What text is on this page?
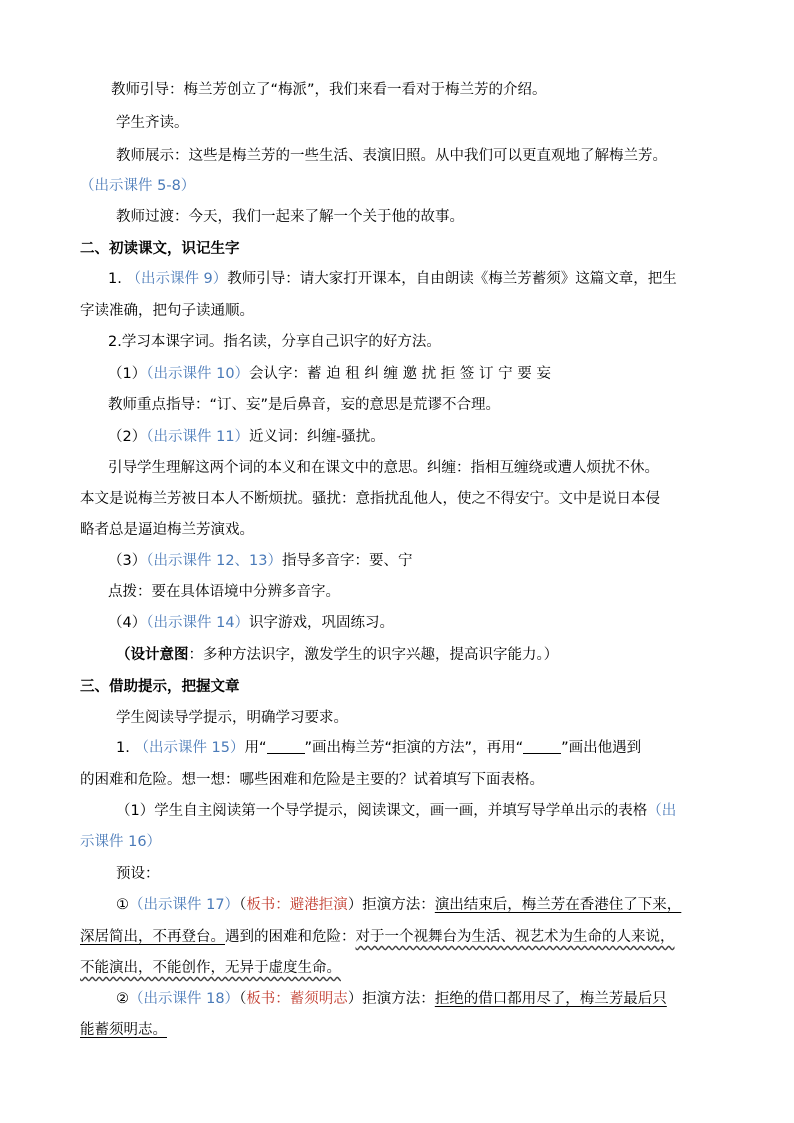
教师引导：梅兰芳创立了“梅派”，我们来看一看对于梅兰芳的介绍。

学生齐读。

教师展示：这些是梅兰芳的一些生活、表演旧照。从中我们可以更直观地了解梅兰芳。

（出示课件 5-8）

教师过渡：今天，我们一起来了解一个关于他的故事。

二、初读课文，识记生字

1. （出示课件 9）教师引导：请大家打开课本，自由朗读《梅兰芳蓄须》这篇文章，把生

字读准确，把句子读通顺。

2.学习本课字词。指名读，分享自己识字的好方法。

（1）（出示课件 10）会认字：蓄 迫 租 纠 缠 邀 扰 拒 签 订 宁 要 妄

教师重点指导：“订、妄”是后鼻音，妄的意思是荒谬不合理。

（2）（出示课件 11）近义词：纠缠-骚扰。

引导学生理解这两个词的本义和在课文中的意思。纠缠：指相互缠绕或遭人烦扰不休。

本文是说梅兰芳被日本人不断烦扰。骚扰：意指扰乱他人，使之不得安宁。文中是说日本侵

略者总是逼迫梅兰芳演戏。

（3）（出示课件 12、13）指导多音字：要、宁

点拨：要在具体语境中分辨多音字。

（4）（出示课件 14）识字游戏，巩固练习。

（设计意图：多种方法识字，激发学生的识字兴趣，提高识字能力。）

三、借助提示，把握文章

学生阅读导学提示，明确学习要求。

1. （出示课件 15）用“	”画出梅兰芳“拒演的方法”，再用“	”画出他遇到

的困难和危险。想一想：哪些困难和危险是主要的？试着填写下面表格。

（1）学生自主阅读第一个导学提示，阅读课文，画一画，并填写导学单出示的表格（出

示课件 16）

预设：

①（出示课件 17）（板书：避港拒演）拒演方法：演出结束后，梅兰芳在香港住了下来，

深居简出，不再登台。遇到的困难和危险：对于一个视舞台为生活、视艺术为生命的人来说，

不能演出，不能创作，无异于虚度生命。

②（出示课件 18）（板书：蓄须明志）拒演方法：拒绝的借口都用尽了，梅兰芳最后只

能蓄须明志。
